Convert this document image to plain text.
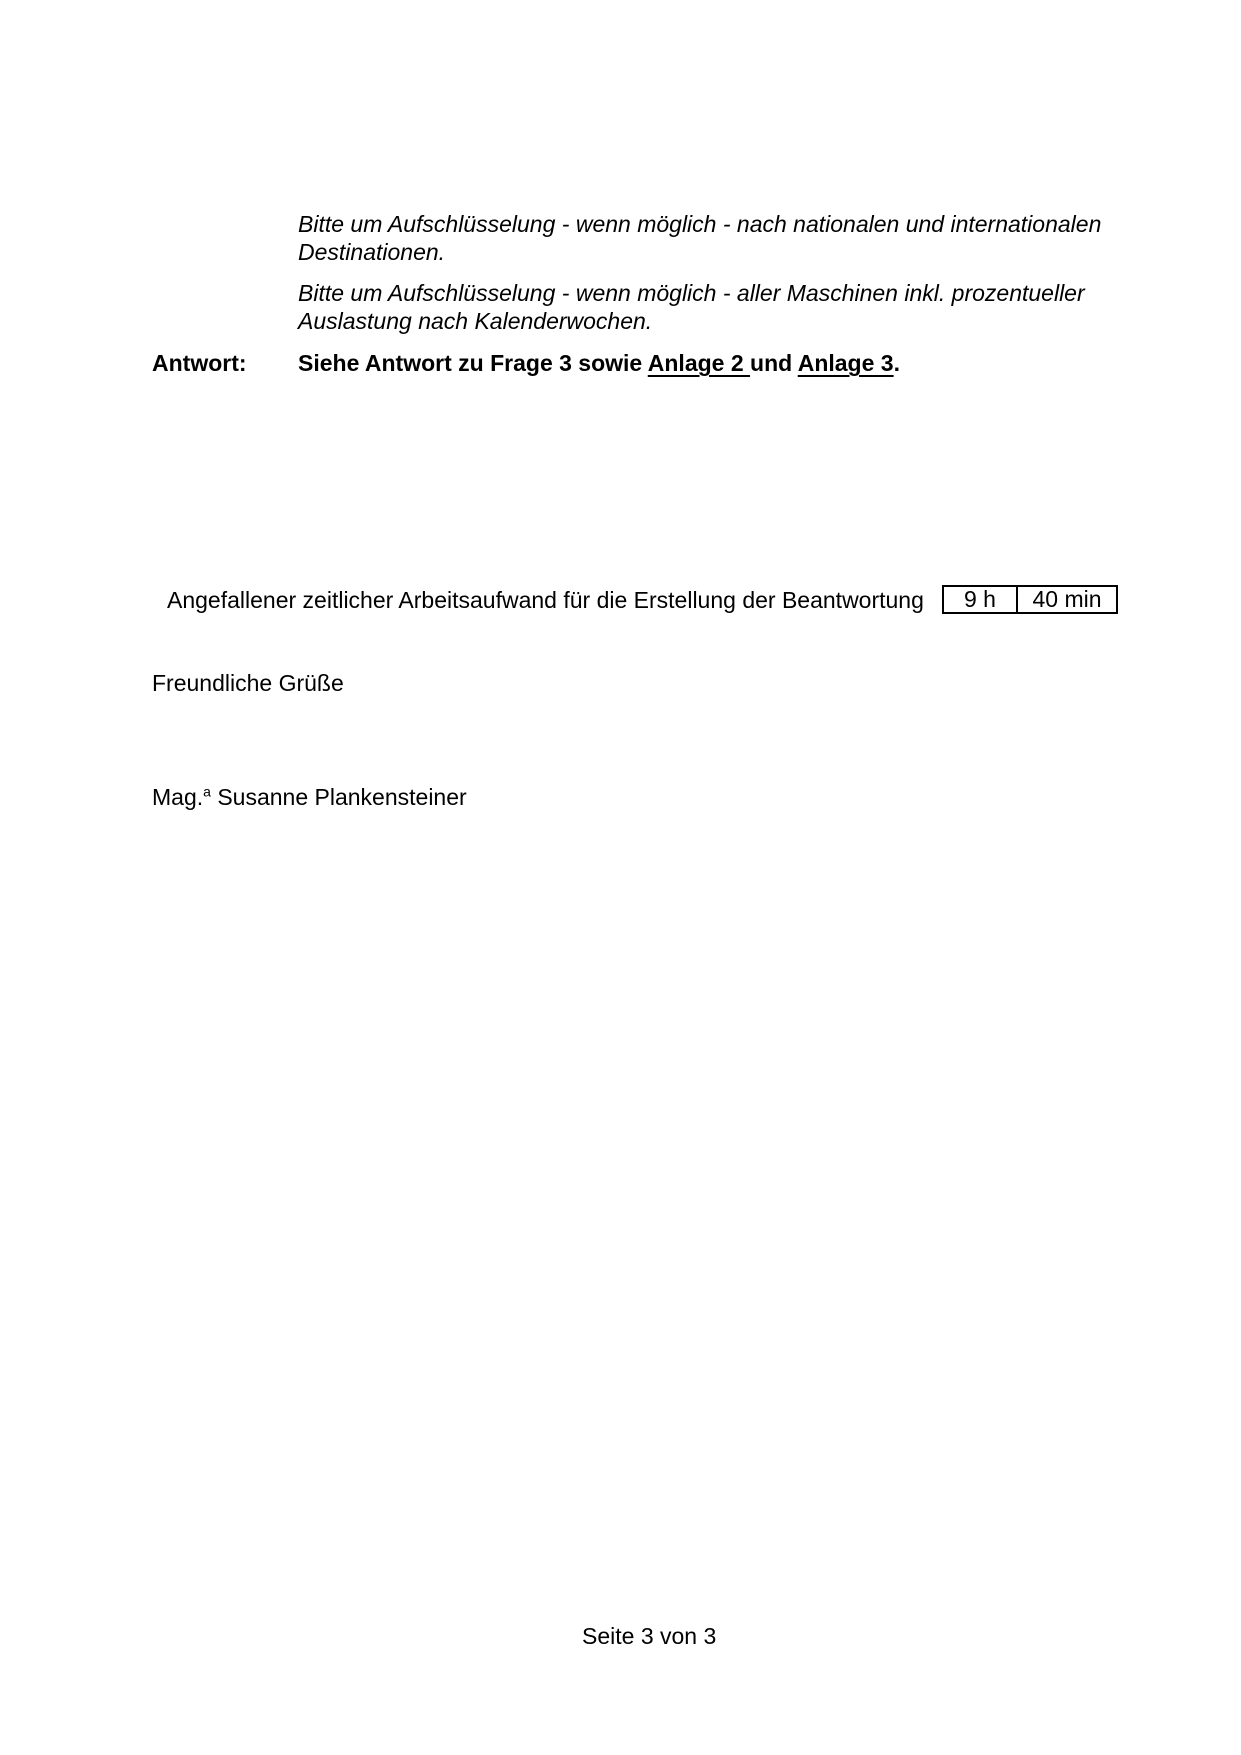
Bitte um Aufschlüsselung - wenn möglich - nach nationalen und internationalen
Destinationen.
Bitte um Aufschlüsselung - wenn möglich - aller Maschinen inkl. prozentueller
Auslastung nach Kalenderwochen.
Antwort: Siehe Antwort zu Frage 3 sowie Anlage 2 und Anlage 3.
Angefallener zeitlicher Arbeitsaufwand für die Erstellung der Beantwortung	9 h	40 min
Freundliche Grüße
Mag.$^a$ Susanne Plankensteiner
Seite 3 von 3
